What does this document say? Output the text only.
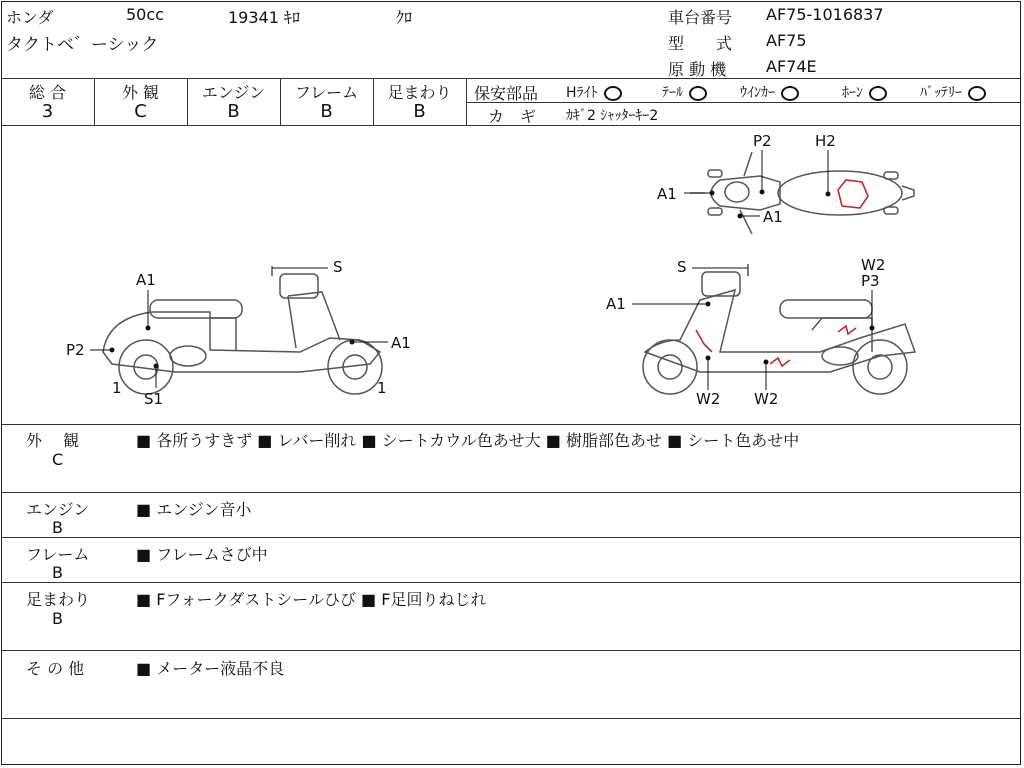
ホンダ	50cc	19341 ｷﾛ	ｸﾛ
タクトベ゛ーシック
車台番号 AF75-1016837
型　　式 AF75
原 動 機 AF74E
総 合	外 観	エンジン	フレーム	足まわり
3	C	B	B	B
保安部品 Hﾗｲﾄ	ﾃｰﾙ	ｳｲﾝｶｰ	ﾎｰﾝ	ﾊﾞｯﾃﾘｰ
カ　ギ ｶｷﾞ2 ｼｬｯﾀｰｷｰ2
P2	H2
A1
A1
S
A1
P2	A1
1
S1
1
S	W2
P3
A1
W2 W2
外　 観
C
■ 各所うすきず ■ レバー削れ ■ シートカウル色あせ大 ■ 樹脂部色あせ ■ シート色あせ中
エンジン
B
■ エンジン音小
フレーム
B
■ フレームさび中
足まわり
B
■ Fフォークダストシールひび ■ F足回りねじれ
そ の 他	■ メーター液晶不良
